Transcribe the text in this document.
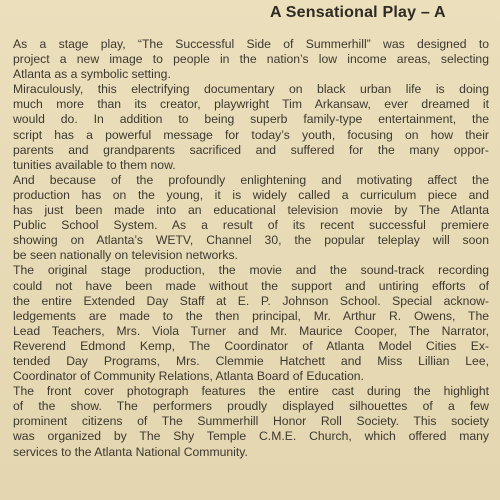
A Sensational Play – A
As a stage play, “The Successful Side of Summerhill” was designed to
project a new image to people in the nation’s low income areas, selecting
Atlanta as a symbolic setting.
Miraculously, this electrifying documentary on black urban life is doing
much more than its creator, playwright Tim Arkansaw, ever dreamed it
would do. In addition to being superb family-type entertainment, the
script has a powerful message for today’s youth, focusing on how their
parents and grandparents sacrificed and suffered for the many oppor-
tunities available to them now.
And because of the profoundly enlightening and motivating affect the
production has on the young, it is widely called a curriculum piece and
has just been made into an educational television movie by The Atlanta
Public School System. As a result of its recent successful premiere
showing on Atlanta’s WETV, Channel 30, the popular teleplay will soon
be seen nationally on television networks.
The original stage production, the movie and the sound-track recording
could not have been made without the support and untiring efforts of
the entire Extended Day Staff at E. P. Johnson School. Special acknow-
ledgements are made to the then principal, Mr. Arthur R. Owens, The
Lead Teachers, Mrs. Viola Turner and Mr. Maurice Cooper, The Narrator,
Reverend Edmond Kemp, The Coordinator of Atlanta Model Cities Ex-
tended Day Programs, Mrs. Clemmie Hatchett and Miss Lillian Lee,
Coordinator of Community Relations, Atlanta Board of Education.
The front cover photograph features the entire cast during the highlight
of the show. The performers proudly displayed silhouettes of a few
prominent citizens of The Summerhill Honor Roll Society. This society
was organized by The Shy Temple C.M.E. Church, which offered many
services to the Atlanta National Community.
